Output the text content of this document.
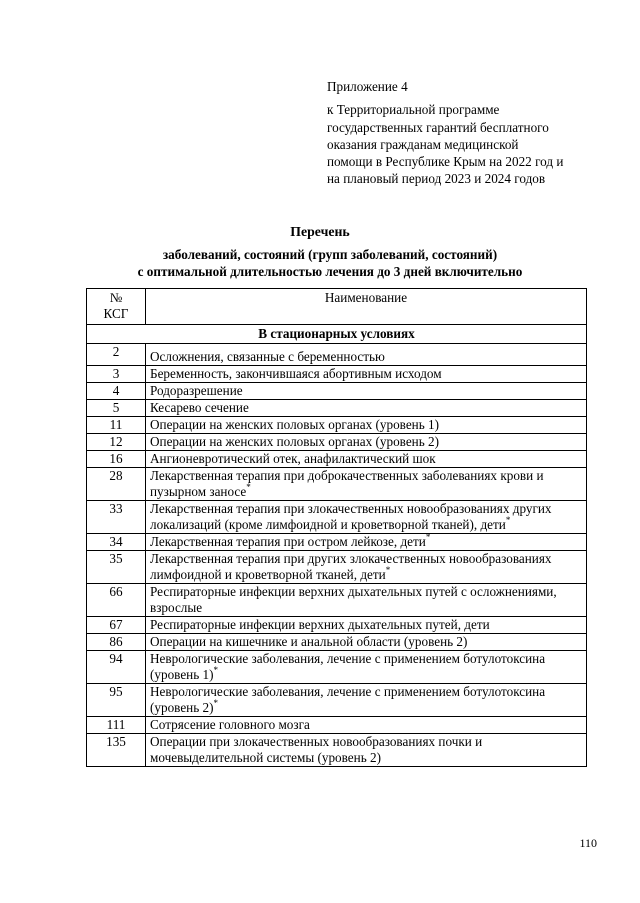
Приложение 4
к Территориальной программе
государственных гарантий бесплатного
оказания гражданам медицинской
помощи в Республике Крым на 2022 год и
на плановый период 2023 и 2024 годов
Перечень
заболеваний, состояний (групп заболеваний, состояний)
с оптимальной длительностью лечения до 3 дней включительно
№
КСГ	Наименование
В стационарных условиях	
2	Осложнения, связанные с беременностью
3	Беременность, закончившаяся абортивным исходом
4	Родоразрешение
5	Кесарево сечение
11	Операции на женских половых органах (уровень 1)
12	Операции на женских половых органах (уровень 2)
16	Ангионевротический отек, анафилактический шок
28	Лекарственная терапия при доброкачественных заболеваниях крови и пузырном заносе*
33	Лекарственная терапия при злокачественных новообразованиях других локализаций (кроме лимфоидной и кроветворной тканей), дети*
34	Лекарственная терапия при остром лейкозе, дети*
35	Лекарственная терапия при других злокачественных новообразованиях лимфоидной и кроветворной тканей, дети*
66	Респираторные инфекции верхних дыхательных путей с осложнениями, взрослые
67	Респираторные инфекции верхних дыхательных путей, дети
86	Операции на кишечнике и анальной области (уровень 2)
94	Неврологические заболевания, лечение с применением ботулотоксина (уровень 1)*
95	Неврологические заболевания, лечение с применением ботулотоксина (уровень 2)*
111	Сотрясение головного мозга
135	Операции при злокачественных новообразованиях почки и мочевыделительной системы (уровень 2)
110
